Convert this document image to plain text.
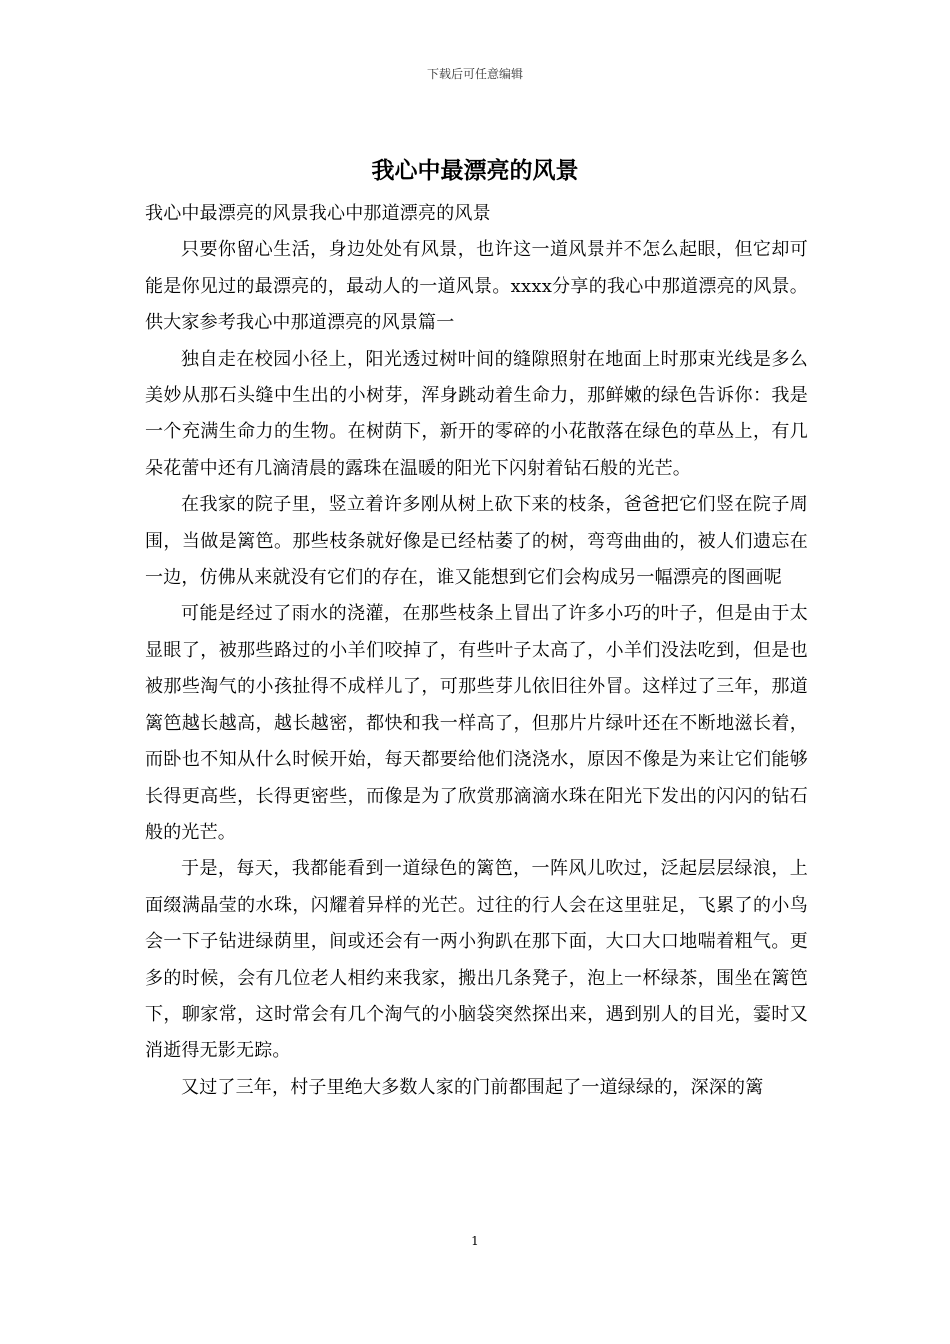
下载后可任意编辑
我心中最漂亮的风景

我心中最漂亮的风景我心中那道漂亮的风景

只要你留心生活，身边处处有风景，也许这一道风景并不怎么起眼，但它却可能是你见过的最漂亮的，最动人的一道风景。xxxx分享的我心中那道漂亮的风景。供大家参考我心中那道漂亮的风景篇一

独自走在校园小径上，阳光透过树叶间的缝隙照射在地面上时那束光线是多么美妙从那石头缝中生出的小树芽，浑身跳动着生命力，那鲜嫩的绿色告诉你：我是一个充满生命力的生物。在树荫下，新开的零碎的小花散落在绿色的草丛上，有几朵花蕾中还有几滴清晨的露珠在温暖的阳光下闪射着钻石般的光芒。

在我家的院子里，竖立着许多刚从树上砍下来的枝条，爸爸把它们竖在院子周围，当做是篱笆。那些枝条就好像是已经枯萎了的树，弯弯曲曲的，被人们遗忘在一边，仿佛从来就没有它们的存在，谁又能想到它们会构成另一幅漂亮的图画呢

可能是经过了雨水的浇灌，在那些枝条上冒出了许多小巧的叶子，但是由于太显眼了，被那些路过的小羊们咬掉了，有些叶子太高了，小羊们没法吃到，但是也被那些淘气的小孩扯得不成样儿了，可那些芽儿依旧往外冒。这样过了三年，那道篱笆越长越高，越长越密，都快和我一样高了，但那片片绿叶还在不断地滋长着，而卧也不知从什么时候开始，每天都要给他们浇浇水，原因不像是为来让它们能够长得更高些，长得更密些，而像是为了欣赏那滴滴水珠在阳光下发出的闪闪的钻石般的光芒。

于是，每天，我都能看到一道绿色的篱笆，一阵风儿吹过，泛起层层绿浪，上面缀满晶莹的水珠，闪耀着异样的光芒。过往的行人会在这里驻足，飞累了的小鸟会一下子钻进绿荫里，间或还会有一两小狗趴在那下面，大口大口地喘着粗气。更多的时候，会有几位老人相约来我家，搬出几条凳子，泡上一杯绿茶，围坐在篱笆下，聊家常，这时常会有几个淘气的小脑袋突然探出来，遇到别人的目光，霎时又消逝得无影无踪。

又过了三年，村子里绝大多数人家的门前都围起了一道绿绿的，深深的篱

1
